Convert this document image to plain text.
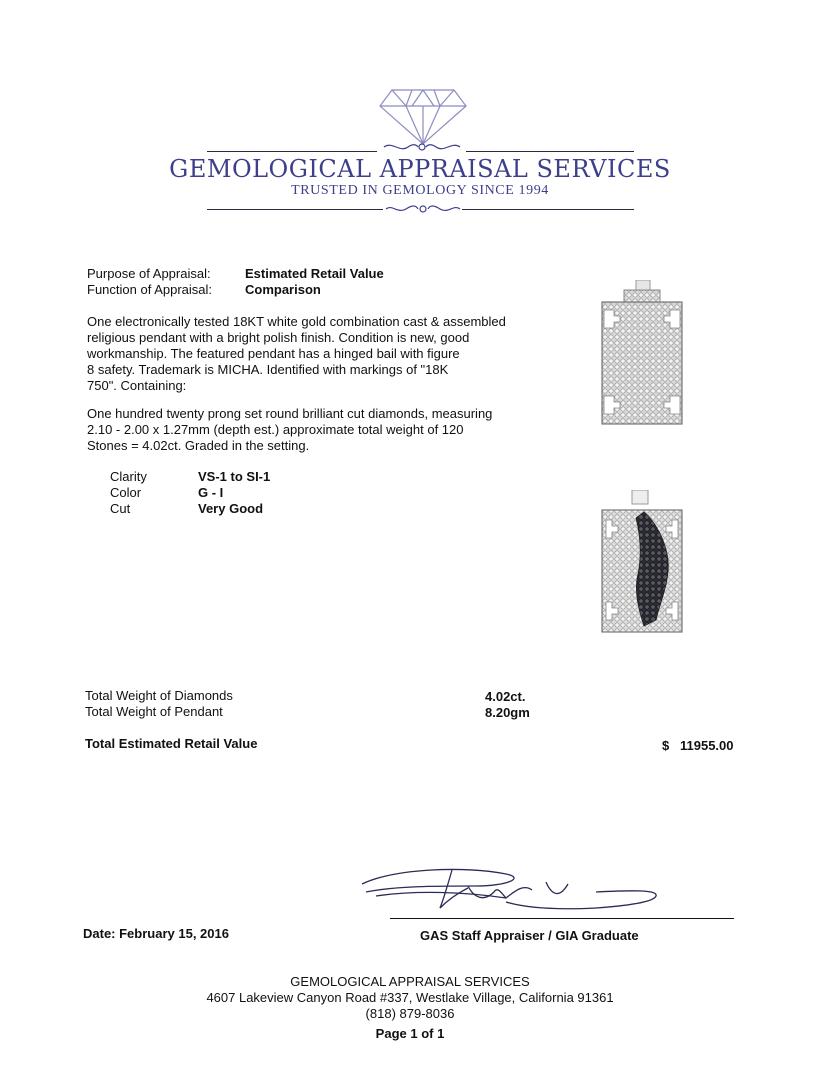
GEMOLOGICAL APPRAISAL SERVICES
TRUSTED IN GEMOLOGY SINCE 1994
Purpose of Appraisal:	Estimated Retail Value
Function of Appraisal:	Comparison
One electronically tested 18KT white gold combination cast & assembled
religious pendant with a bright polish finish. Condition is new, good
workmanship. The featured pendant has a hinged bail with figure
8 safety. Trademark is MICHA. Identified with markings of "18K
750". Containing:
One hundred twenty prong set round brilliant cut diamonds, measuring
2.10 - 2.00 x 1.27mm (depth est.) approximate total weight of 120
Stones = 4.02ct. Graded in the setting.
Clarity	VS-1 to SI-1
Color	G - I
Cut	Very Good
Total Weight of Diamonds	4.02ct.
Total Weight of Pendant	8.20gm
Total Estimated Retail Value	$ 11955.00
Date: February 15, 2016	GAS Staff Appraiser / GIA Graduate
GEMOLOGICAL APPRAISAL SERVICES
4607 Lakeview Canyon Road #337, Westlake Village, California 91361
(818) 879-8036
Page 1 of 1
